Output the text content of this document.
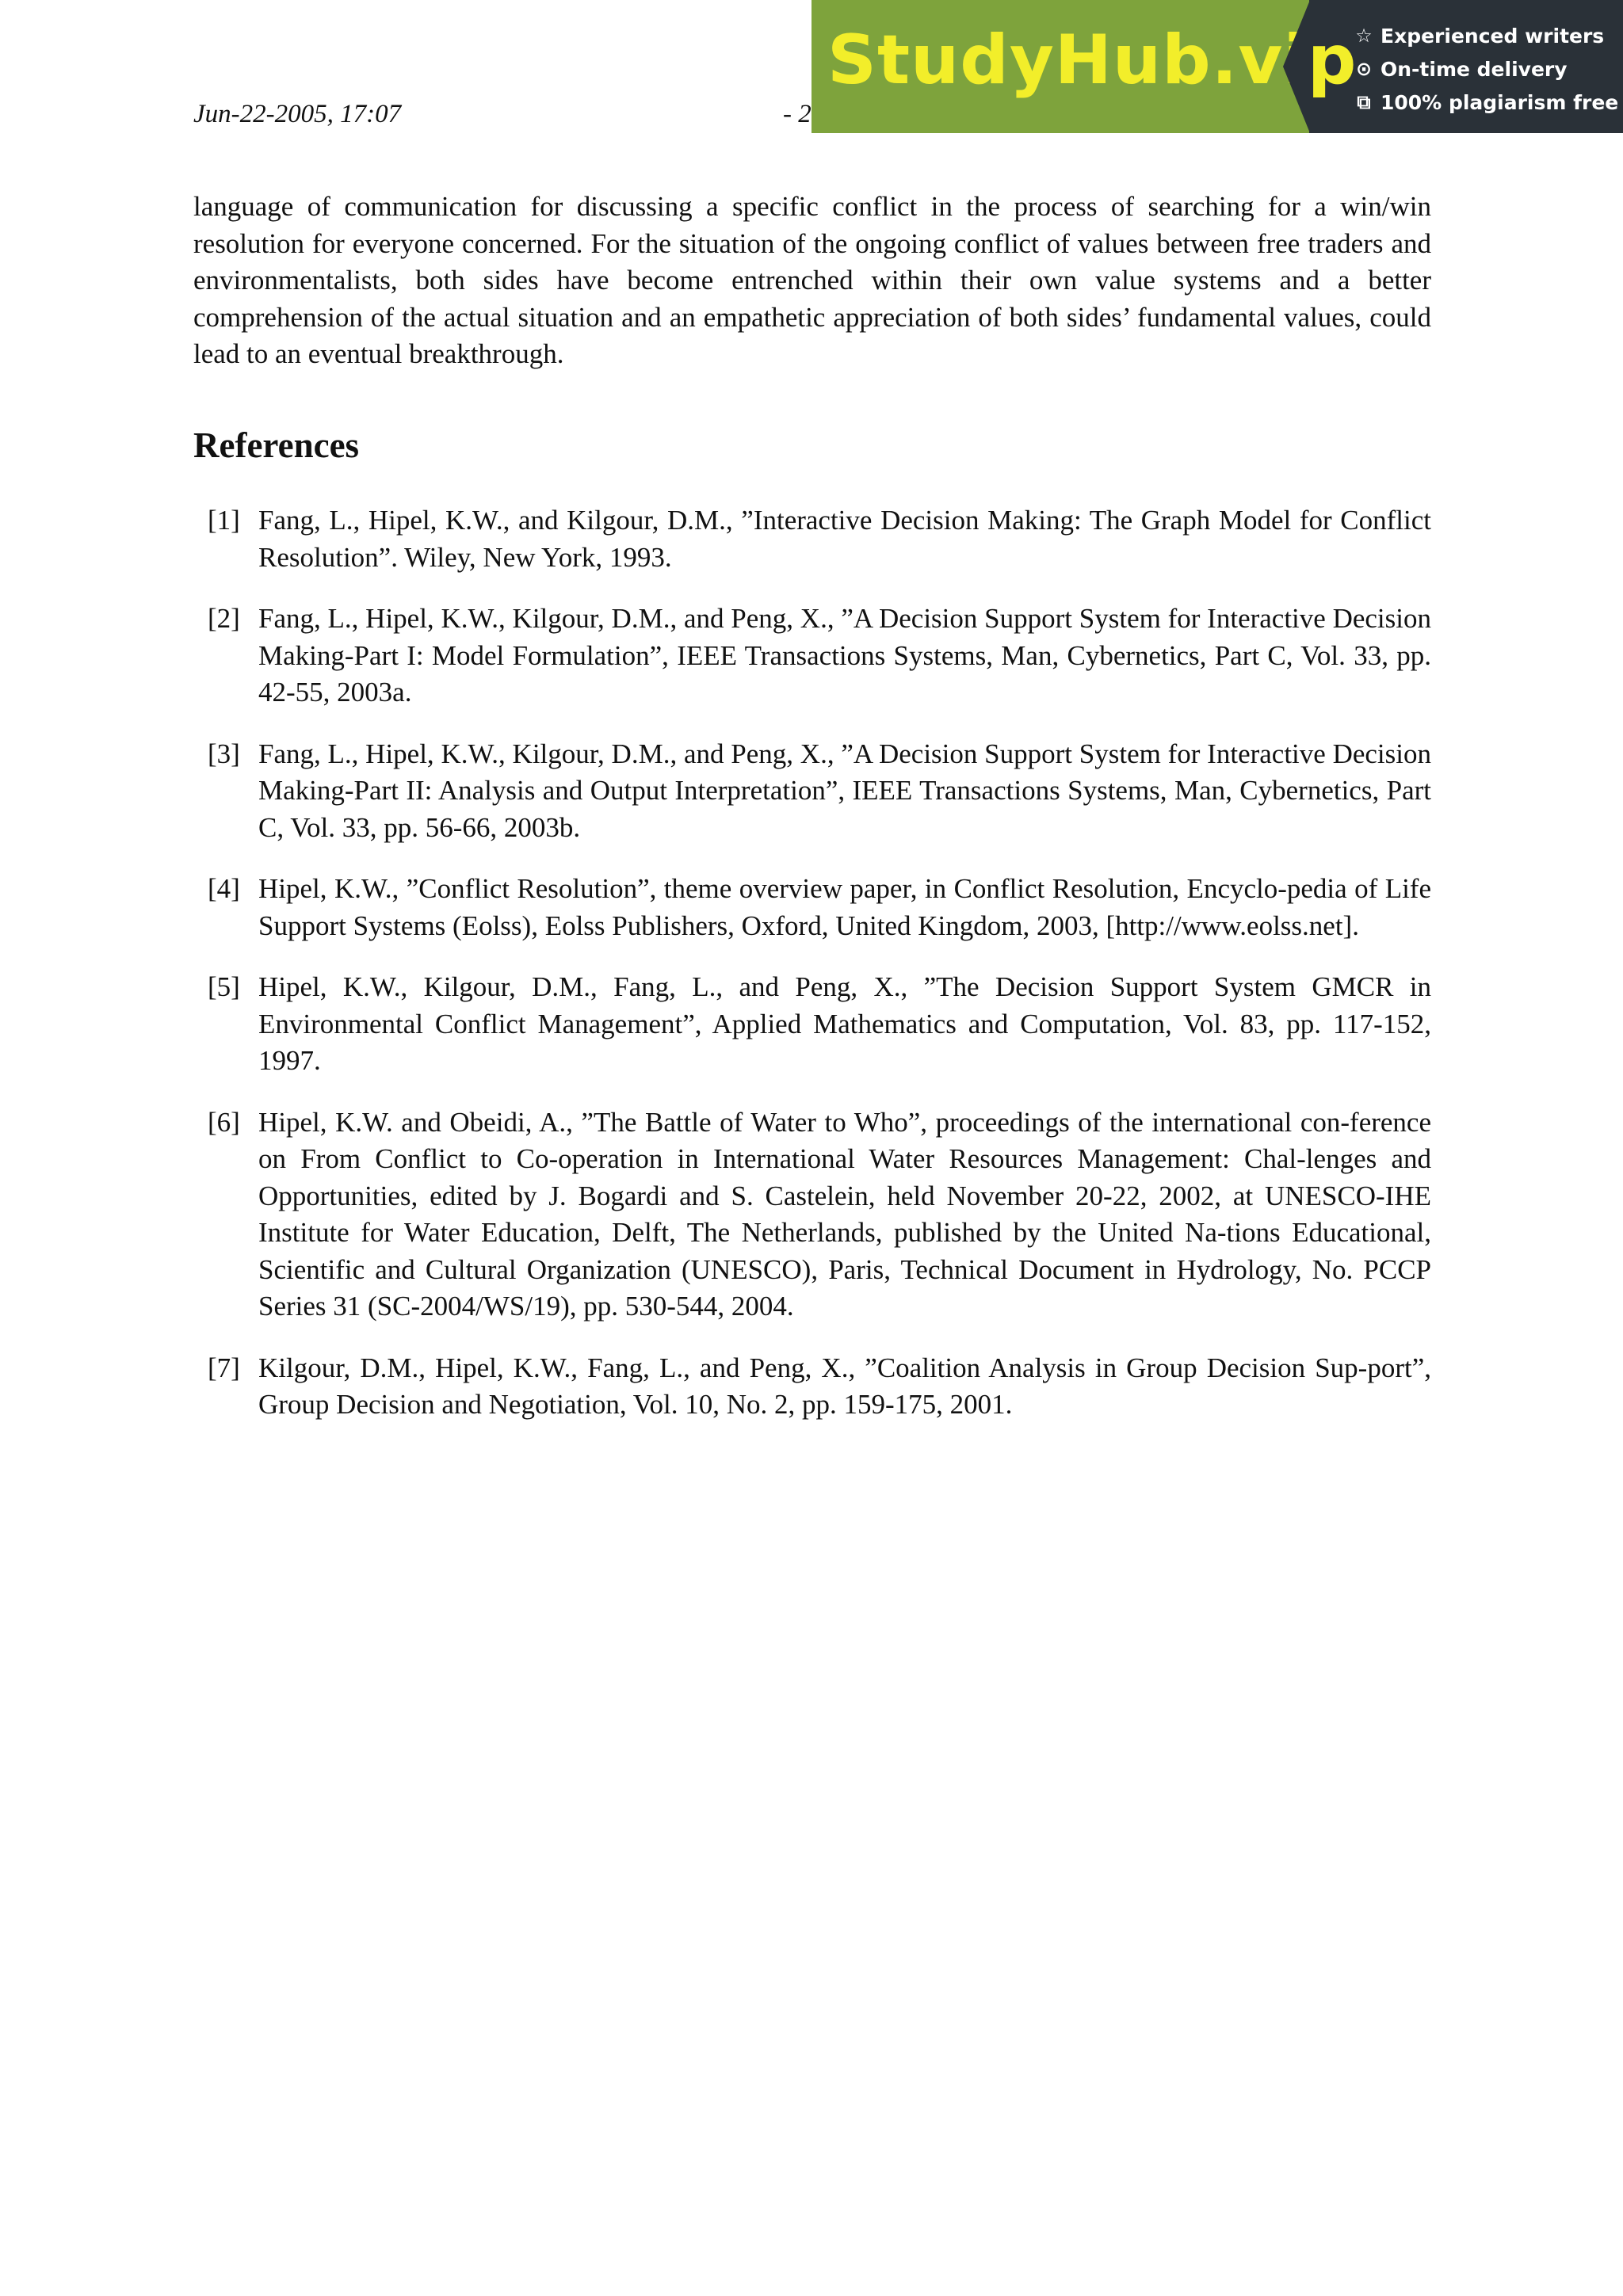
Jun-22-2005, 17:07	- 2
StudyHub.vip
☆ Experienced writers
⊙ On-time delivery
⧉ 100% plagiarism free

language of communication for discussing a specific conflict in the process of searching for a win/win resolution for everyone concerned. For the situation of the ongoing conflict of values between free traders and environmentalists, both sides have become entrenched within their own value systems and a better comprehension of the actual situation and an empathetic appreciation of both sides’ fundamental values, could lead to an eventual breakthrough.

References
[1] Fang, L., Hipel, K.W., and Kilgour, D.M., ”Interactive Decision Making: The Graph Model for Conflict Resolution”. Wiley, New York, 1993.
[2] Fang, L., Hipel, K.W., Kilgour, D.M., and Peng, X., ”A Decision Support System for Interactive Decision Making-Part I: Model Formulation”, IEEE Transactions Systems, Man, Cybernetics, Part C, Vol. 33, pp. 42-55, 2003a.
[3] Fang, L., Hipel, K.W., Kilgour, D.M., and Peng, X., ”A Decision Support System for Interactive Decision Making-Part II: Analysis and Output Interpretation”, IEEE Transactions Systems, Man, Cybernetics, Part C, Vol. 33, pp. 56-66, 2003b.
[4] Hipel, K.W., ”Conflict Resolution”, theme overview paper, in Conflict Resolution, Encyclo-pedia of Life Support Systems (Eolss), Eolss Publishers, Oxford, United Kingdom, 2003, [http://www.eolss.net].
[5] Hipel, K.W., Kilgour, D.M., Fang, L., and Peng, X., ”The Decision Support System GMCR in Environmental Conflict Management”, Applied Mathematics and Computation, Vol. 83, pp. 117-152, 1997.
[6] Hipel, K.W. and Obeidi, A., ”The Battle of Water to Who”, proceedings of the international con-ference on From Conflict to Co-operation in International Water Resources Management: Chal-lenges and Opportunities, edited by J. Bogardi and S. Castelein, held November 20-22, 2002, at UNESCO-IHE Institute for Water Education, Delft, The Netherlands, published by the United Na-tions Educational, Scientific and Cultural Organization (UNESCO), Paris, Technical Document in Hydrology, No. PCCP Series 31 (SC-2004/WS/19), pp. 530-544, 2004.
[7] Kilgour, D.M., Hipel, K.W., Fang, L., and Peng, X., ”Coalition Analysis in Group Decision Sup-port”, Group Decision and Negotiation, Vol. 10, No. 2, pp. 159-175, 2001.
